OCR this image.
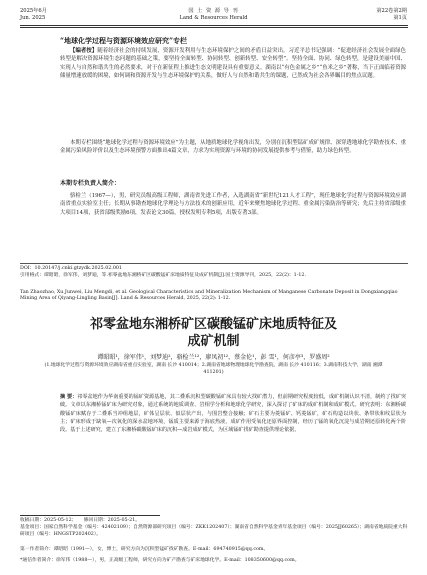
2025年6月
Jun. 2025
国 土 资 源 导 刊
Land & Resources Herald
第22卷第2期
第1页
“地球化学过程与资源环境效应研究”专栏
【编者按】随着经济社会的持续发展，资源开发利用与生态环境保护之间的矛盾日益突出。习近平总书记强调：“促进经济社会发展全面绿色转型是解决资源环境生态问题的基础之策，要坚持全面转型、协同转型、创新转型、安全转型”。坚持全面、协同、绿色转型，是建设美丽中国、实现人与自然和谐共生的必然要求，对于在新征程上推进生态文明建设具有重要意义。湖南以“有色金属之乡”“鱼米之乡”著称，当下正面临着资源储量增速放缓的困境，如何调和资源开发与生态环境保护的关系，做好人与自然和谐共生的课题，已然成为社会各界瞩目的焦点议题。
本期专栏围绕“地球化学过程与资源环境效应”为主题，从地质地球化学视角出发，分别在沉积型锰矿成矿规律、深穿透地球化学勘查技术、重金属污染风险评价以及生态环境预警方面推出4篇文章，力求为实现资源与环境的协同发展提供参考与借鉴，助力绿色转型。
本期专栏负责人简介：
骆检兰（1967—），男，研究员级高级工程师，湖南省先进工作者，入选湖南省“新世纪121人才工程”，现任地球化学过程与资源环境效应湖南省重点实验室主任；长期从事勘查地球化学理论与方法技术的创新应用，近年来聚焦地球化学过程、重金属污染防治等研究；先后主持省部级重大项目14项，获省部级奖励6项，发表论文30篇，授权发明专利5项，出版专著3部。
DOI：10.20147/j.cnki.gtzydk.2025.02.001
引用格式：谭昭昭，徐军伟，刘梦迪，等.祁零盆地东湘桥矿区碳酸锰矿床地质特征及成矿机制[J].国土资源导刊，2025，22(2)：1-12.
Tan Zhaozhao, Xu Junwei, Liu Mengdi, et al. Geological Characteristics and Mineralization Mechanism of Manganese Carbonate Deposit in Dongxiangqiao Mining Area of Qiyang-Lingling Basin[J]. Land & Resources Herald, 2025, 22(2): 1-12.
祁零盆地东湘桥矿区碳酸锰矿床地质特征及
成矿机制
谭昭昭¹，徐军伟¹，刘梦迪²，骆检兰¹²，廖凤初¹²，蔡金伦¹，彭 雪¹，何彦亭³，罗盛周²
(1.地球化学过程与资源环境效应湖南省重点实验室，湖南 长沙 410014；2.湖南省地球物理地球化学勘查院，湖南 长沙 410116；3.湖南科技大学，湖南 湘潭 411201)
摘 要：祁零盆地作为华南重要的锰矿资源基地，其二叠系沉积型碳酸锰矿床具有较大找矿潜力，但前期研究程度较低，成矿机制认识不清，制约了找矿突破。文章以东湘桥锰矿床为研究对象，通过系统的地质调查、岩相学分析和地球化学研究，深入探讨了矿床的成矿机制和成矿模式。研究表明：东湘桥碳酸锰矿床赋存于二叠系当冲组地层，矿体呈层状、似层状产出，与围岩整合接触；矿石主要为菱锰矿、钙菱锰矿，矿石构造以块状、条带状和纹层状为主；矿床形成于缺氧—次氧化的深水盆地环境，锰质主要来源于海底热液，成矿作用受氧化还原界面控制，经历了锰的氧化沉淀与成岩期还原转化两个阶段。基于上述研究，建立了东湘桥碳酸锰矿床的沉积—成岩成矿模式，为区域锰矿找矿勘查提供理论依据。
收稿日期：2025-05-12；　　修回日期：2025-05-21。
基金项目：国家自然科学基金（编号：42402109）；自然资源部研究项目（编号：ZKK1202407）；湖南省自然科学基金青年基金项目（编号：2025JJ60265）；湖南省地质院重大科研项目（编号：HNGSTP202402）。
第一作者简介：谭昭昭（1991—），女，博士，研究方向为沉积型锰矿找矿勘查。E-mail：694740915@qq.com。
*通信作者简介：徐军伟（1988—），男，正高级工程师，研究方向为矿产勘查与矿床地球化学。E-mail：108350600@qq.com。
